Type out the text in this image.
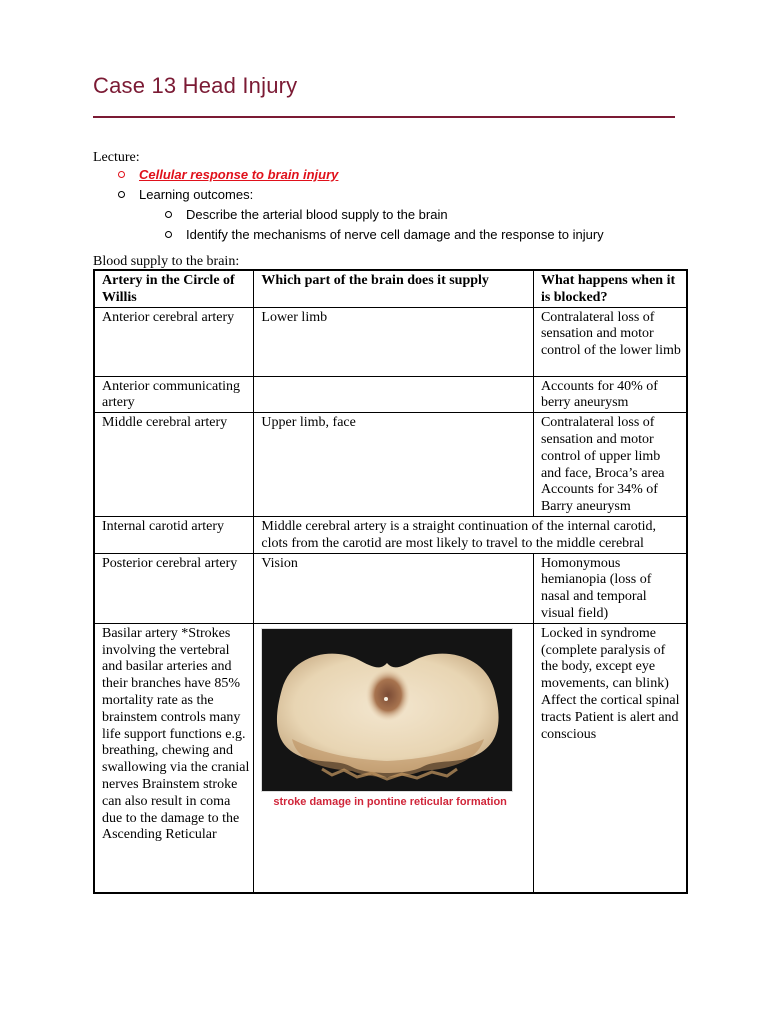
Case 13 Head Injury
Lecture:
Cellular response to brain injury
Learning outcomes:
Describe the arterial blood supply to the brain
Identify the mechanisms of nerve cell damage and the response to injury
Blood supply to the brain:
Artery in the Circle of Willis	Which part of the brain does it supply	What happens when it is blocked?
Anterior cerebral artery	Lower limb	Contralateral loss of sensation and motor control of the lower limb
Anterior communicating artery		Accounts for 40% of berry aneurysm
Middle cerebral artery	Upper limb, face	Contralateral loss of sensation and motor control of upper limb and face, Broca’s area Accounts for 34% of Barry aneurysm
Internal carotid artery	Middle cerebral artery is a straight continuation of the internal carotid, clots from the carotid are most likely to travel to the middle cerebral	
Posterior cerebral artery	Vision	Homonymous hemianopia (loss of nasal and temporal visual field)
Basilar artery *Strokes involving the vertebral and basilar arteries and their branches have 85% mortality rate as the brainstem controls many life support functions e.g. breathing, chewing and swallowing via the cranial nerves Brainstem stroke can also result in coma due to the damage to the Ascending Reticular	stroke damage in pontine reticular formation	Locked in syndrome (complete paralysis of the body, except eye movements, can blink) Affect the cortical spinal tracts Patient is alert and conscious
